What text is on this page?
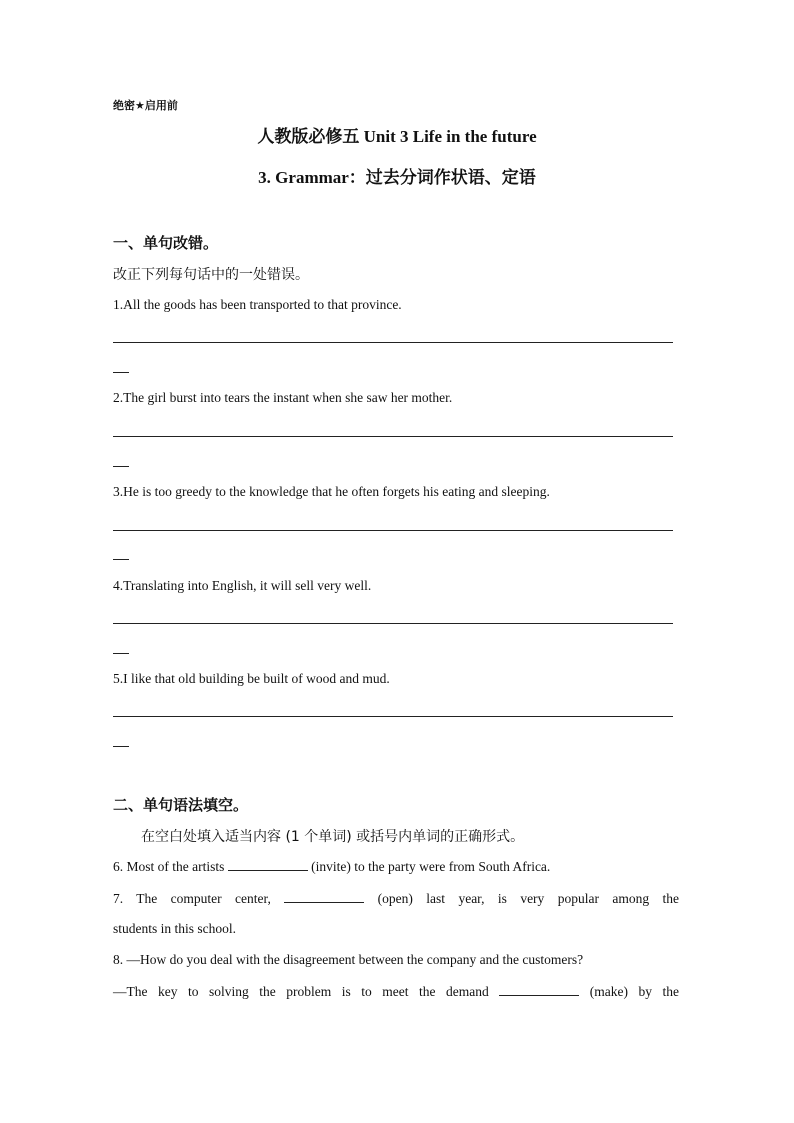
绝密★启用前
人教版必修五 Unit 3 Life in the future
3. Grammar：过去分词作状语、定语
一、单句改错。
改正下列每句话中的一处错误。
1.All the goods has been transported to that province.
2.The girl burst into tears the instant when she saw her mother.
3.He is too greedy to the knowledge that he often forgets his eating and sleeping.
4.Translating into English, it will sell very well.
5.I like that old building be built of wood and mud.
二、单句语法填空。
在空白处填入适当内容 (1 个单词) 或括号内单词的正确形式。
6. Most of the artists	(invite) to the party were from South Africa.
7. The computer center,	(open) last year, is very popular among the
students in this school.
8. —How do you deal with the disagreement between the company and the customers?
—The key to solving the problem is to meet the demand	(make) by the
